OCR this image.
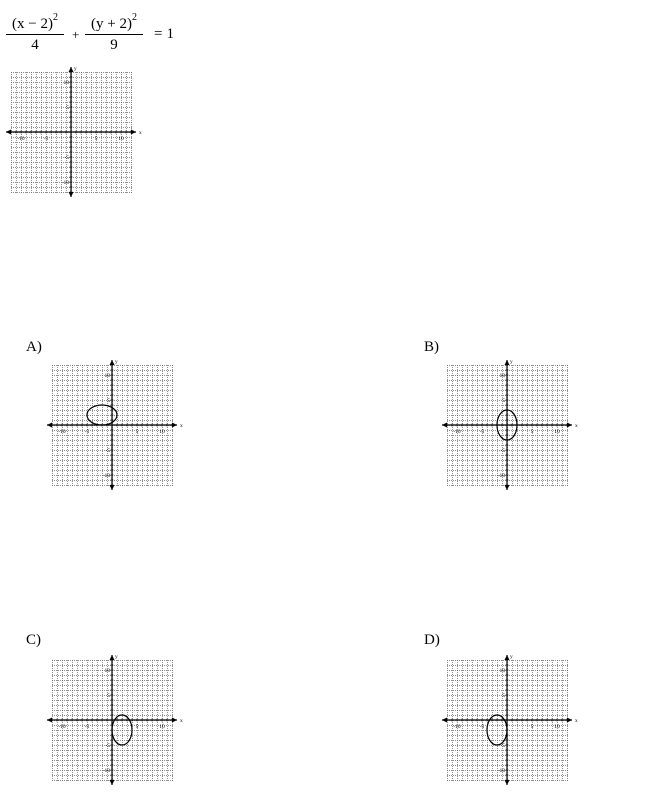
$\frac{(x - 2)^2}{4} + \frac{(y + 2)^2}{9} = 1$
-10	-5	5	10
10
5
-5
-10
x
y
A)
-10	-5	5	10
10
5
-5
-10
x
y
B)
-10	-5	5	10
10
5
-5
-10
x
y
C)
-10	-5	5	10
10
5
-5
-10
x
y
D)
-10	-5	5	10
10
5
-5
-10
x
y
